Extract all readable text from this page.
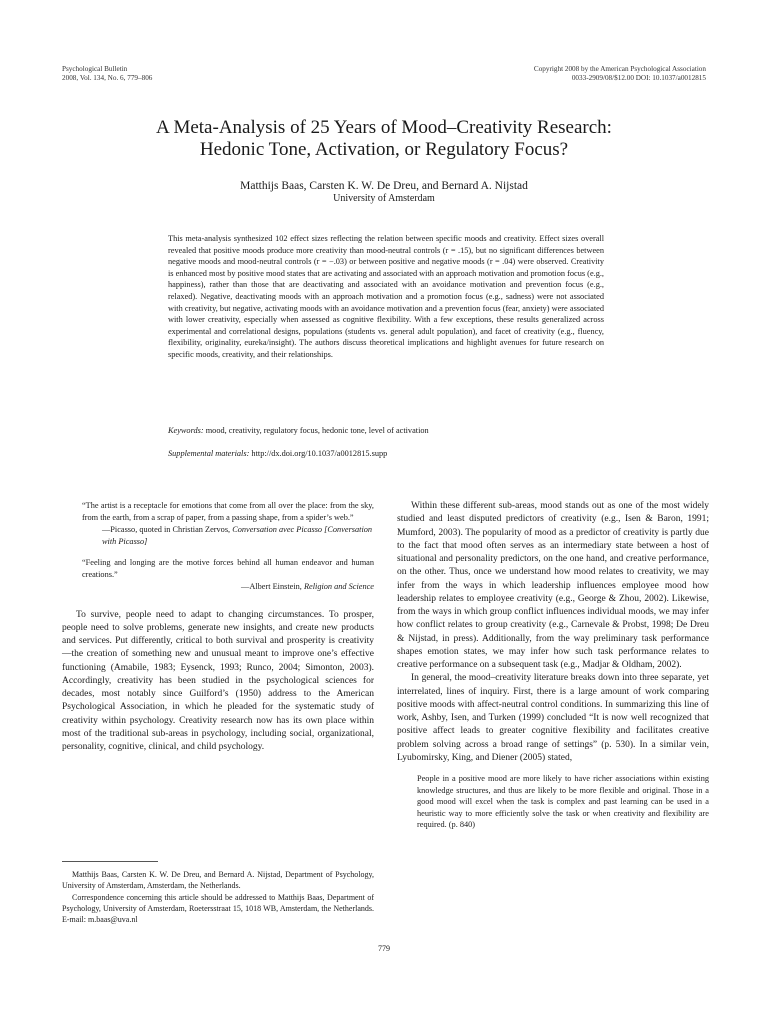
Psychological Bulletin
2008, Vol. 134, No. 6, 779–806
Copyright 2008 by the American Psychological Association
0033-2909/08/$12.00 DOI: 10.1037/a0012815
A Meta-Analysis of 25 Years of Mood–Creativity Research:
Hedonic Tone, Activation, or Regulatory Focus?
Matthijs Baas, Carsten K. W. De Dreu, and Bernard A. Nijstad
University of Amsterdam

This meta-analysis synthesized 102 effect sizes reflecting the relation between specific moods and creativity. Effect sizes overall revealed that positive moods produce more creativity than mood-neutral controls (r = .15), but no significant differences between negative moods and mood-neutral controls (r = −.03) or between positive and negative moods (r = .04) were observed. Creativity is enhanced most by positive mood states that are activating and associated with an approach motivation and promotion focus (e.g., happiness), rather than those that are deactivating and associated with an avoidance motivation and prevention focus (e.g., relaxed). Negative, deactivating moods with an approach motivation and a promotion focus (e.g., sadness) were not associated with creativity, but negative, activating moods with an avoidance motivation and a prevention focus (fear, anxiety) were associated with lower creativity, especially when assessed as cognitive flexibility. With a few exceptions, these results generalized across experimental and correlational designs, populations (students vs. general adult population), and facet of creativity (e.g., fluency, flexibility, originality, eureka/insight). The authors discuss theoretical implications and highlight avenues for future research on specific moods, creativity, and their relationships.

Keywords: mood, creativity, regulatory focus, hedonic tone, level of activation

Supplemental materials: http://dx.doi.org/10.1037/a0012815.supp

“The artist is a receptacle for emotions that come from all over the place: from the sky, from the earth, from a scrap of paper, from a passing shape, from a spider’s web.”

—Picasso, quoted in Christian Zervos, Conversation avec Picasso [Conversation with Picasso]

“Feeling and longing are the motive forces behind all human endeavor and human creations.”

—Albert Einstein, Religion and Science

To survive, people need to adapt to changing circumstances. To prosper, people need to solve problems, generate new insights, and create new products and services. Put differently, critical to both survival and prosperity is creativity—the creation of something new and unusual meant to improve one’s effective functioning (Amabile, 1983; Eysenck, 1993; Runco, 2004; Simonton, 2003). Accordingly, creativity has been studied in the psychological sciences for decades, most notably since Guilford’s (1950) address to the American Psychological Association, in which he pleaded for the systematic study of creativity within psychology. Creativity research now has its own place within most of the traditional sub-areas in psychology, including social, organizational, personality, cognitive, clinical, and child psychology.

Within these different sub-areas, mood stands out as one of the most widely studied and least disputed predictors of creativity (e.g., Isen & Baron, 1991; Mumford, 2003). The popularity of mood as a predictor of creativity is partly due to the fact that mood often serves as an intermediary state between a host of situational and personality predictors, on the one hand, and creative performance, on the other. Thus, once we understand how mood relates to creativity, we may infer from the ways in which leadership influences employee mood how leadership relates to employee creativity (e.g., George & Zhou, 2002). Likewise, from the ways in which group conflict influences individual moods, we may infer how conflict relates to group creativity (e.g., Carnevale & Probst, 1998; De Dreu & Nijstad, in press). Additionally, from the way preliminary task performance shapes emotion states, we may infer how such task performance relates to creative performance on a subsequent task (e.g., Madjar & Oldham, 2002).

In general, the mood–creativity literature breaks down into three separate, yet interrelated, lines of inquiry. First, there is a large amount of work comparing positive moods with affect-neutral control conditions. In summarizing this line of work, Ashby, Isen, and Turken (1999) concluded “It is now well recognized that positive affect leads to greater cognitive flexibility and facilitates creative problem solving across a broad range of settings” (p. 530). In a similar vein, Lyubomirsky, King, and Diener (2005) stated,

People in a positive mood are more likely to have richer associations within existing knowledge structures, and thus are likely to be more flexible and original. Those in a good mood will excel when the task is complex and past learning can be used in a heuristic way to more efficiently solve the task or when creativity and flexibility are required. (p. 840)

Matthijs Baas, Carsten K. W. De Dreu, and Bernard A. Nijstad, Department of Psychology, University of Amsterdam, Amsterdam, the Netherlands.

Correspondence concerning this article should be addressed to Matthijs Baas, Department of Psychology, University of Amsterdam, Roetersstraat 15, 1018 WB, Amsterdam, the Netherlands. E-mail: m.baas@uva.nl

779
